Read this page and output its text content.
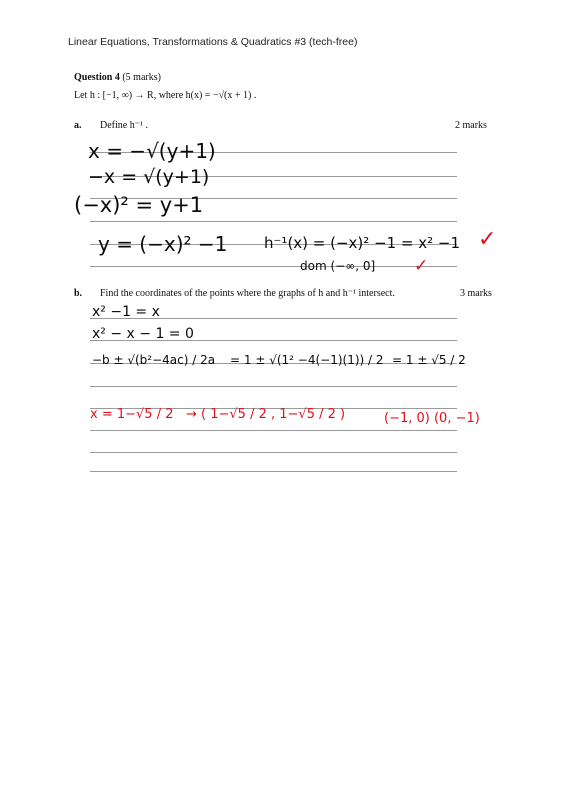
Linear Equations, Transformations & Quadratics #3 (tech-free)
Question 4 (5 marks)
Let h : [−1, ∞) → R, where h(x) = −√(x + 1) .
a. Define h⁻¹ .	2 marks
b. Find the coordinates of the points where the graphs of h and h⁻¹ intersect.	3 marks
x = −√(y+1)
−x = √(y+1)
(−x)² = y+1
y = (−x)² −1 h⁻¹(x) = (−x)² −1 = x² −1
dom (−∞, 0]
✓
✓
x² −1 = x
x² − x − 1 = 0
−b ± √(b²−4ac) / 2a = 1 ± √(1² −4(−1)(1)) / 2 = 1 ± √5 / 2
x = 1−√5 / 2 → ( 1−√5 / 2 , 1−√5 / 2 )	(−1, 0) (0, −1)
